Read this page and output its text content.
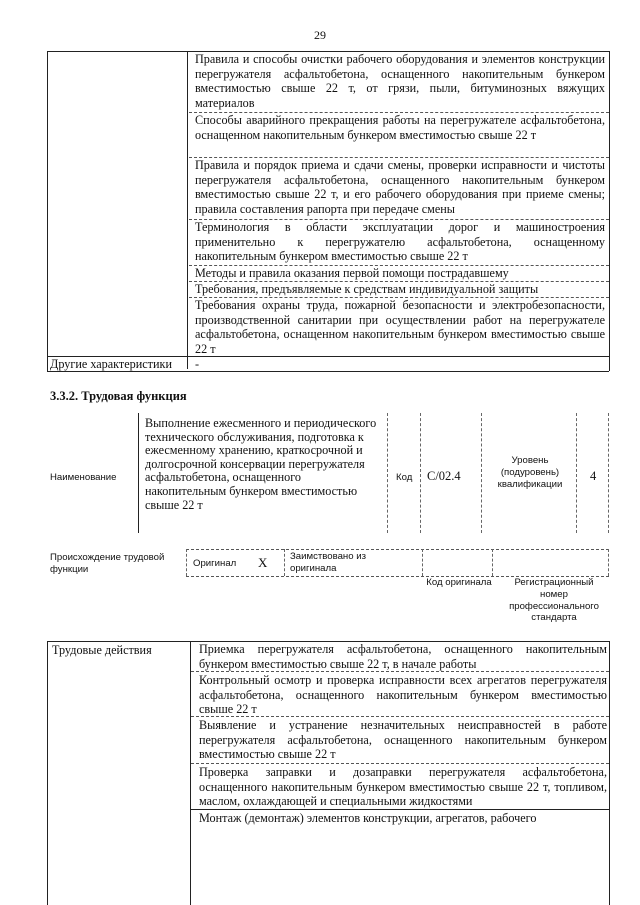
29
Правила и способы очистки рабочего оборудования и элементов конструкции перегружателя асфальтобетона, оснащенного накопительным бункером вместимостью свыше 22 т, от грязи, пыли, битуминозных вяжущих материалов
Способы аварийного прекращения работы на перегружателе асфальтобетона, оснащенном накопительным бункером вместимостью свыше 22 т
Правила и порядок приема и сдачи смены, проверки исправности и чистоты перегружателя асфальтобетона, оснащенного накопительным бункером вместимостью свыше 22 т, и его рабочего оборудования при приеме смены; правила составления рапорта при передаче смены
Терминология в области эксплуатации дорог и машиностроения применительно к перегружателю асфальтобетона, оснащенному накопительным бункером вместимостью свыше 22 т
Методы и правила оказания первой помощи пострадавшему
Требования, предъявляемые к средствам индивидуальной защиты
Требования охраны труда, пожарной безопасности и электробезопасности, производственной санитарии при осуществлении работ на перегружателе асфальтобетона, оснащенном накопительным бункером вместимостью свыше 22 т
Другие характеристики -
3.3.2. Трудовая функция
Наименование
Выполнение ежесменного и периодического технического обслуживания, подготовка к ежесменному хранению, краткосрочной и долгосрочной консервации перегружателя асфальтобетона, оснащенного накопительным бункером вместимостью свыше 22 т
Код C/02.4
Уровень (подуровень) квалификации
4
Происхождение трудовой функции
Оригинал X Заимствовано из оригинала
Код оригинала	Регистрационный номер профессионального стандарта
Трудовые действия	Приемка перегружателя асфальтобетона, оснащенного накопительным бункером вместимостью свыше 22 т, в начале работы
Контрольный осмотр и проверка исправности всех агрегатов перегружателя асфальтобетона, оснащенного накопительным бункером вместимостью свыше 22 т
Выявление и устранение незначительных неисправностей в работе перегружателя асфальтобетона, оснащенного накопительным бункером вместимостью свыше 22 т
Проверка заправки и дозаправки перегружателя асфальтобетона, оснащенного накопительным бункером вместимостью свыше 22 т, топливом, маслом, охлаждающей и специальными жидкостями
Монтаж (демонтаж) элементов конструкции, агрегатов, рабочего
